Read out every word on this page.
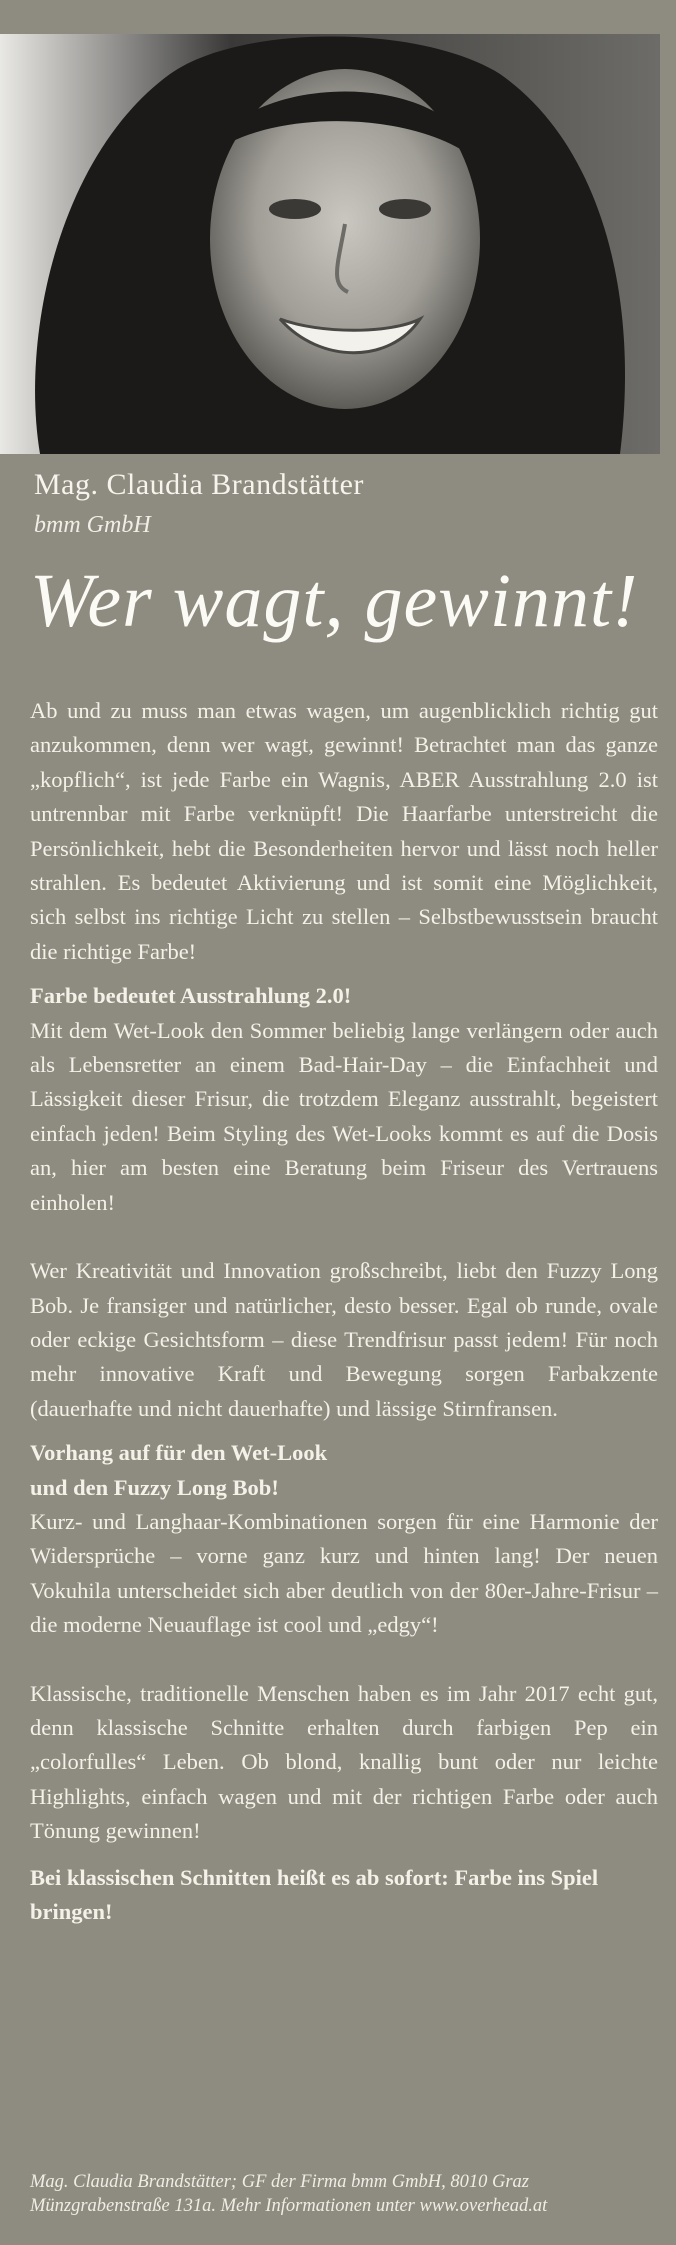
Mag. Claudia Brandstätter
bmm GmbH
Wer wagt, gewinnt!

Ab und zu muss man etwas wagen, um augenblicklich richtig gut anzukommen, denn wer wagt, gewinnt! Betrachtet man das ganze „kopflich“, ist jede Farbe ein Wagnis, ABER Ausstrahlung 2.0 ist untrennbar mit Farbe verknüpft! Die Haarfarbe unterstreicht die Persönlichkeit, hebt die Besonderheiten hervor und lässt noch heller strahlen. Es bedeutet Aktivierung und ist somit eine Möglichkeit, sich selbst ins richtige Licht zu stellen – Selbstbewusstsein braucht die richtige Farbe!

Farbe bedeutet Ausstrahlung 2.0!

Mit dem Wet-Look den Sommer beliebig lange verlängern oder auch als Lebensretter an einem Bad-Hair-Day – die Einfachheit und Lässigkeit dieser Frisur, die trotzdem Eleganz ausstrahlt, begeistert einfach jeden! Beim Styling des Wet-Looks kommt es auf die Dosis an, hier am besten eine Beratung beim Friseur des Vertrauens einholen!

Wer Kreativität und Innovation großschreibt, liebt den Fuzzy Long Bob. Je fransiger und natürlicher, desto besser. Egal ob runde, ovale oder eckige Gesichtsform – diese Trendfrisur passt jedem! Für noch mehr innovative Kraft und Bewegung sorgen Farbakzente (dauerhafte und nicht dauerhafte) und lässige Stirnfransen.

Vorhang auf für den Wet-Look

und den Fuzzy Long Bob!

Kurz- und Langhaar-Kombinationen sorgen für eine Harmonie der Widersprüche – vorne ganz kurz und hinten lang! Der neuen Vokuhila unterscheidet sich aber deutlich von der 80er-Jahre-Frisur – die moderne Neuauflage ist cool und „edgy“!

Klassische, traditionelle Menschen haben es im Jahr 2017 echt gut, denn klassische Schnitte erhalten durch farbigen Pep ein „colorfulles“ Leben. Ob blond, knallig bunt oder nur leichte Highlights, einfach wagen und mit der richtigen Farbe oder auch Tönung gewinnen!

Bei klassischen Schnitten heißt es ab sofort: Farbe ins Spiel bringen!

Mag. Claudia Brandstätter; GF der Firma bmm GmbH, 8010 Graz
Münzgrabenstraße 131a. Mehr Informationen unter www.overhead.at
